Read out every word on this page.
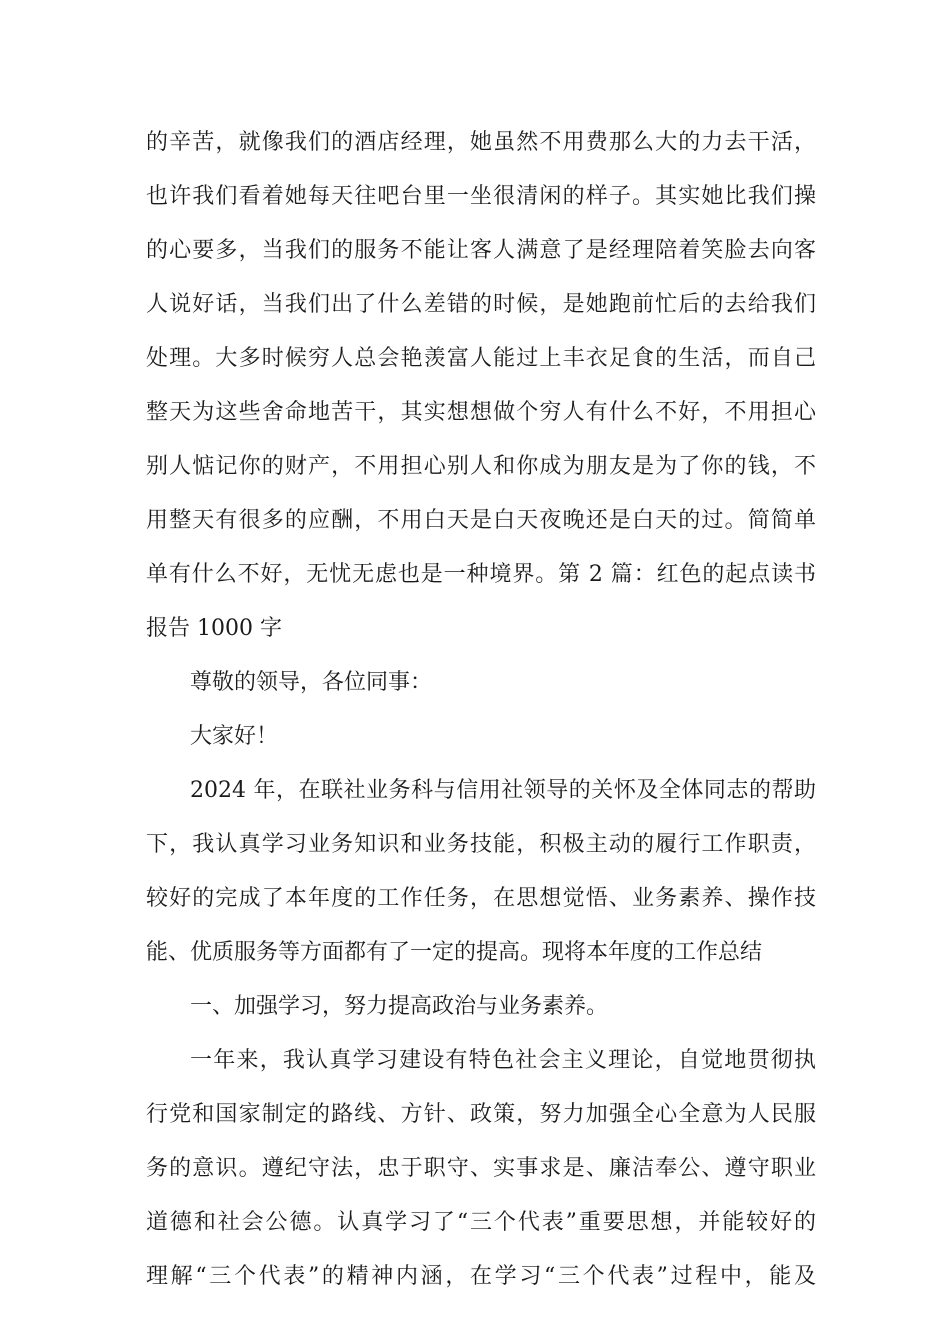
的辛苦，就像我们的酒店经理，她虽然不用费那么大的力去干活，
也许我们看着她每天往吧台里一坐很清闲的样子。其实她比我们操
的心要多，当我们的服务不能让客人满意了是经理陪着笑脸去向客
人说好话，当我们出了什么差错的时候，是她跑前忙后的去给我们
处理。大多时候穷人总会艳羡富人能过上丰衣足食的生活，而自己
整天为这些舍命地苦干，其实想想做个穷人有什么不好，不用担心
别人惦记你的财产，不用担心别人和你成为朋友是为了你的钱，不
用整天有很多的应酬，不用白天是白天夜晚还是白天的过。简简单
单有什么不好，无忧无虑也是一种境界。第 2 篇：红色的起点读书
报告 1000 字
尊敬的领导，各位同事：
大家好！
2024 年，在联社业务科与信用社领导的关怀及全体同志的帮助
下，我认真学习业务知识和业务技能，积极主动的履行工作职责，
较好的完成了本年度的工作任务，在思想觉悟、业务素养、操作技
能、优质服务等方面都有了一定的提高。现将本年度的工作总结
一、加强学习，努力提高政治与业务素养。
一年来，我认真学习建设有特色社会主义理论，自觉地贯彻执
行党和国家制定的路线、方针、政策，努力加强全心全意为人民服
务的意识。遵纪守法，忠于职守、实事求是、廉洁奉公、遵守职业
道德和社会公德。认真学习了“三个代表”重要思想，并能较好的
理解“三个代表”的精神内涵，在学习“三个代表”过程中，能及
